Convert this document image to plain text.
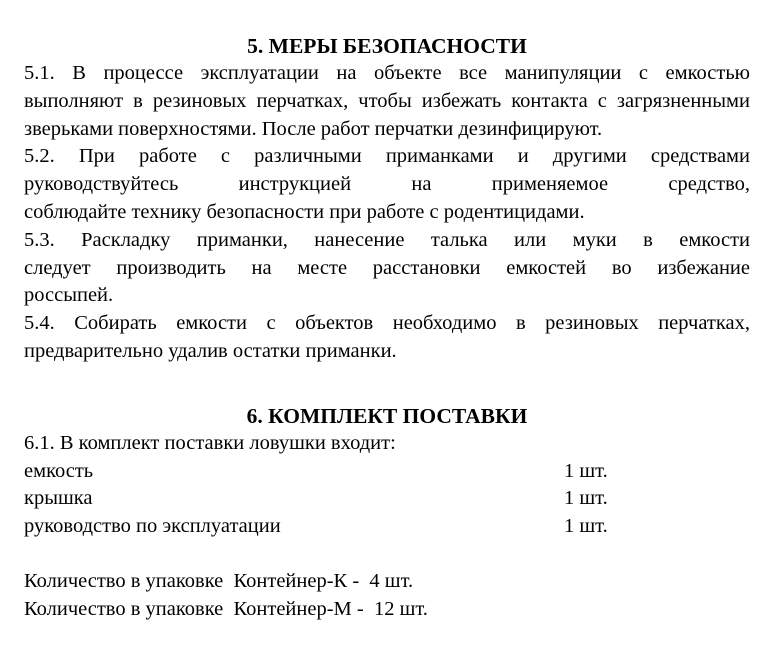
5. МЕРЫ БЕЗОПАСНОСТИ

5.1. В процессе эксплуатации на объекте все манипуляции с емкостью
выполняют в резиновых перчатках, чтобы избежать контакта с загрязненными зверьками поверхностями. После работ перчатки дезинфицируют.

5.2. При работе с различными приманками и другими средствами
руководствуйтесь инструкцией на применяемое средство,
соблюдайте технику безопасности при работе с родентицидами.

5.3. Раскладку приманки, нанесение талька или муки в емкости
следует производить на месте расстановки емкостей во избежание
россыпей.

5.4. Собирать емкости с объектов необходимо в резиновых перчатках,
предварительно удалив остатки приманки.

6. КОМПЛЕКТ ПОСТАВКИ

6.1. В комплект поставки ловушки входит:

емкость	1 шт.
крышка	1 шт.
руководство по эксплуатации	1 шт.
Количество в упаковке  Контейнер-К -  4 шт.
Количество в упаковке  Контейнер-М -  12 шт.
